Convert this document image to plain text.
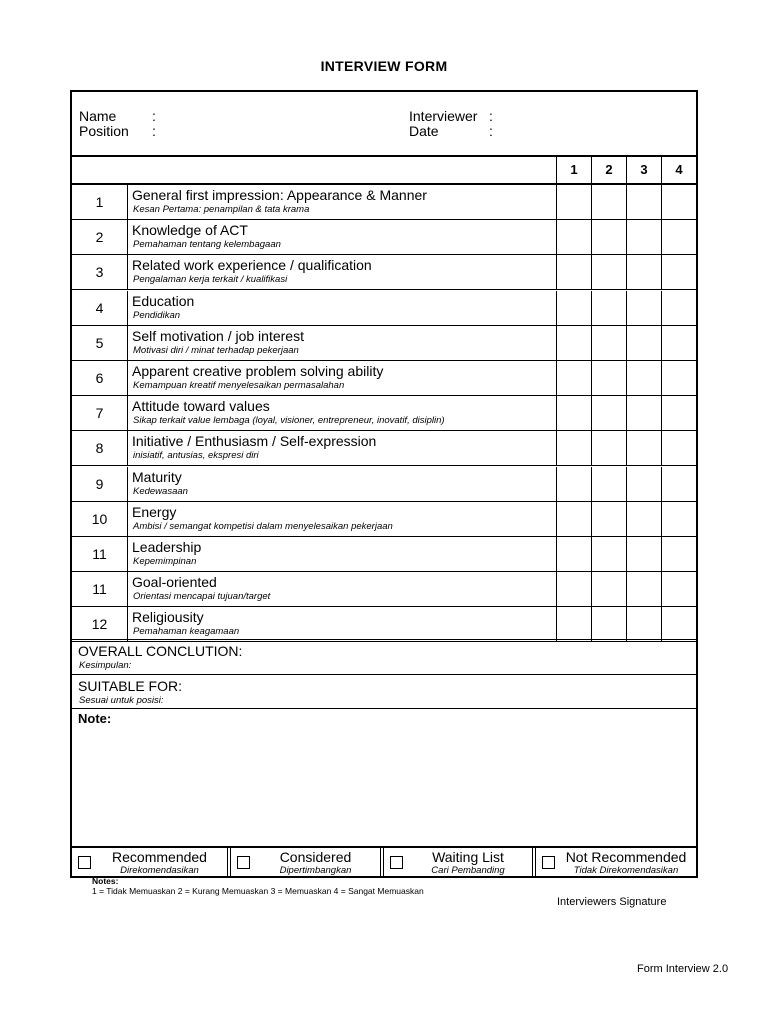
INTERVIEW FORM
Name	:
Position :
Interviewer :
Date	:
1	2	3	4
1	General first impression: Appearance & Manner
Kesan Pertama: penampilan & tata krama
2	Knowledge of ACT
Pemahaman tentang kelembagaan
3	Related work experience / qualification
Pengalaman kerja terkait / kualifikasi
4	Education
Pendidikan
5	Self motivation / job interest
Motivasi diri / minat terhadap pekerjaan
6	Apparent creative problem solving ability
Kemampuan kreatif menyelesaikan permasalahan
7	Attitude toward values
Sikap terkait value lembaga (loyal, visioner, entrepreneur, inovatif, disiplin)
8	Initiative / Enthusiasm / Self-expression
inisiatif, antusias, ekspresi diri
9	Maturity
Kedewasaan
10	Energy
Ambisi / semangat kompetisi dalam menyelesaikan pekerjaan
11	Leadership
Kepemimpinan
11	Goal-oriented
Orientasi mencapai tujuan/target
12	Religiousity
Pemahaman keagamaan
OVERALL CONCLUTION:
Kesimpulan:
SUITABLE FOR:
Sesuai untuk posisi:
Note:
Recommended
Direkomendasikan
Considered
Dipertimbangkan
Waiting List
Cari Pembanding
Not Recommended
Tidak Direkomendasikan
Notes:
1 = Tidak Memuaskan 2 = Kurang Memuaskan 3 = Memuaskan 4 = Sangat Memuaskan
Interviewers Signature
Form Interview 2.0
